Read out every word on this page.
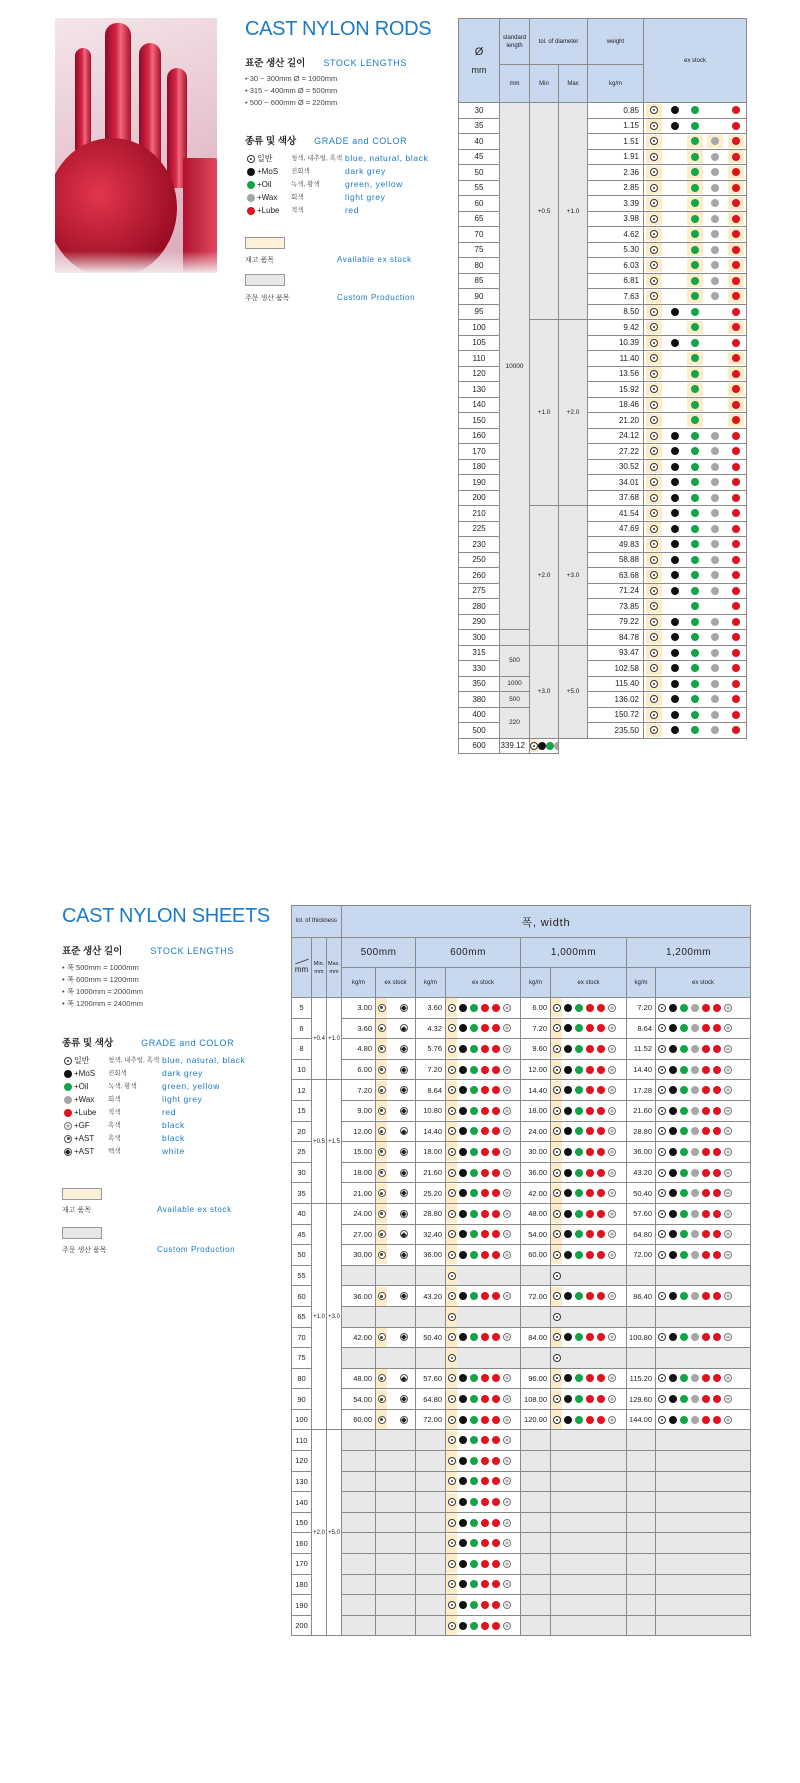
CAST NYLON RODS
표준 생산 길이 STOCK LENGTHS
• 30 ~ 300mm Ø = 1000mm
• 315 ~ 400mm Ø = 500mm
• 500 ~ 600mm Ø = 220mm
종류 및 색상 GRADE and COLOR
일반	청색, 내추럴, 흑색 blue, natural, black
+MoS	진회색	dark grey
+Oil	녹색, 황색	green, yellow
+Wax	회색	light grey
+Lube	적색	red
재고 품목	Available ex stock
주문 생산 품목	Custom Production
Ø
mm	standard length	tol. of diameter		weight	ex stock
	mm	Min	Max	kg/m	
30	10000	+0.5	+1.0	0.85	

35				1.15	

40				1.51	

45				1.91	

50				2.36	

55				2.85	

60				3.39	

65				3.98	

70				4.62	

75				5.30	

80				6.03	

85				6.81	

90				7.63	

95				8.50	

100		+1.0	+2.0	9.42	

105				10.39	

110				11.40	

120				13.56	

130				15.92	

140				18.46	

150				21.20	

160				24.12	

170				27.22	

180				30.52	

190				34.01	

200				37.68	

210		+2.0	+3.0	41.54	

225				47.69	

230				49.83	

250				58.88	

260				63.68	

275				71.24	

280				73.85	

290				79.22	

300				84.78	

315	500	+3.0	+5.0	93.47	

330				102.58	

350	1000			115.40	

380	500			136.02	

400	220			150.72	

500				235.50	

600	339.12				
CAST NYLON SHEETS
표준 생산 길이	STOCK LENGTHS
• 폭 500mm = 1000mm
• 폭 600mm = 1200mm
• 폭 1000mm = 2000mm
• 폭 1200mm = 2400mm
종류 및 색상	GRADE and COLOR
일반	청색, 내추럴, 흑색 blue, natural, black
+MoS	진회색	dark grey
+Oil	녹색, 황색	green, yellow
+Wax	회색	light grey
+Lube	적색	red
+GF	흑색	black
+AST	흑색	black
+AST	백색	white
재고 품목	Available ex stock
주문 생산 품목	Custom Production
tol. of thickness			폭, width							

mm	Min. mm	Max. mm	500mm		600mm		1,000mm		1,200mm	
			kg/m	ex stock	kg/m	ex stock	kg/m	ex stock	kg/m	ex stock
5	+0.4	+1.0	3.00		3.60		6.00		7.20	

6			3.60		4.32		7.20		8.64	

8			4.80		5.76		9.60		11.52	

10			6.00		7.20		12.00		14.40	

12	+0.5	+1.5	7.20		8.64		14.40		17.28	

15			9.00		10.80		18.00		21.60	

20			12.00		14.40		24.00		28.80	

25			15.00		18.00		30.00		36.00	

30			18.00		21.60		36.00		43.20	

35			21.00		25.20		42.00		50.40	

40	+1.0	+3.0	24.00		28.80		48.00		57.60	

45			27.00		32.40		54.00		64.80	

50			30.00		36.00		60.00		72.00	

55				

60			36.00		43.20		72.00		86.40	

65				

70			42.00		50.40		84.00		100.80	

75				

80			48.00		57.60		96.00		115.20	

90			54.00		64.80		108.00		129.60	

100			60.00		72.00		120.00		144.00	

110	+2.0	+5.0		

120				

130				

140				

150				

160				

170				

180				

190				

200				
